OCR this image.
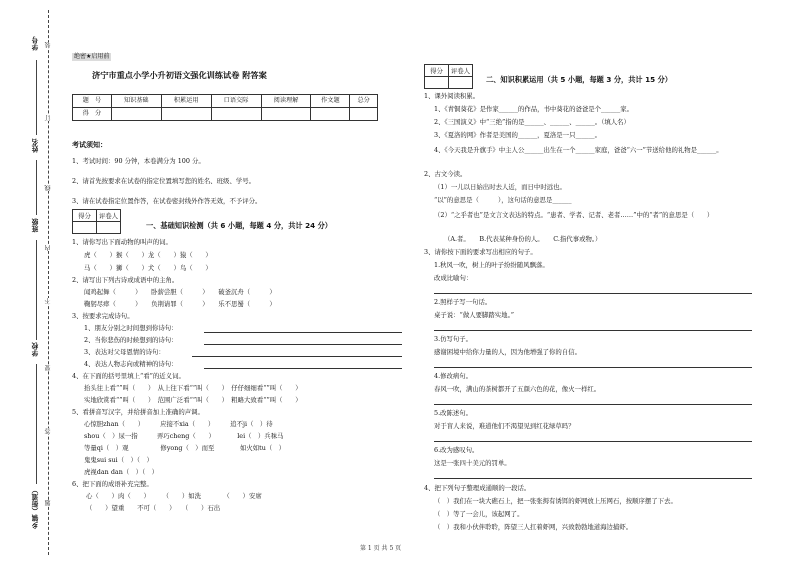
学号
姓名
班级
学校
乡镇（街道）
装
订
线
内
不
要
答
题
绝密★启用前
济宁市重点小学小升初语文强化训练试卷 附答案
题　号	知识基础	积累运用	口语交际	阅读理解	作文题	总分
得　分						
考试须知：
1、考试时间：90 分钟，本卷满分为 100 分。
2、请首先按要求在试卷的指定位置填写您的姓名、班级、学号。
3、请在试卷指定位置作答，在试卷密封线外作答无效，不予评分。
得分	评卷人

一、基础知识检测（共 6 小题，每题 4 分，共计 24 分）
1、请你写出下面动物的叫声的词。
虎（　　）猴（　　）龙（　　）猿（　　）
马（　　）狮（　　）犬（　　）鸟（　　）
2、请写出下列古诗或成语中的主角。
闻鸡起舞（　　　）　　卧薪尝胆（　　　）　　破釜沉舟（　　　）
鞠躬尽瘁（　　　）　　负荆请罪（　　　）　　乐不思蜀（　　　）
3、按要求完成诗句。
1、朋友分别之时间想到你诗句：
2、当你悲伤的时候想到的诗句：
3、表达对父母恩情的诗句：
4、表达人物志向或精神的诗句：
4、在下面的括号里填上“看”的近义词。
抬头往上看“”叫（　　）　从上往下看“”叫（　　）　仔仔细细看“”叫（　　）
实地欣赏看“”叫（　　）　范围广泛看“”叫（　　）　粗略大致看“”叫（　　）
5、看拼音写汉字，并给拼音加上准确的声调。
心惊胆zhan（　　）　　　应接不xia（　　）　　　追不ji（　）待
shou（　）尿一指　　　弄巧cheng（　　）　　　　lei（　）兵秣马
等量qi（　）观　　　　　修yong（　）而至　　　　如火如tu（　）
鬼鬼sui sui（　）（　）
虎视dan dan（　）（　）
6、把下面的成语补充完整。
心（　　）肉（　　）　　　（　　）如洗　　　　（　　）安席
（　　）望重　　不可（　　）　　（　　）石出
得分	评卷人

二、知识积累运用（共 5 小题，每题 3 分，共计 15 分）
1、课外阅读积累。
1、《青铜葵花》是作家______的作品，书中葵花的爸爸是个______家。
2、《三国演义》中“三绝”指的是______、______、______。（填人名）
3、《夏洛的网》作者是美国的______，夏洛是一只______。
4、《今天我是升旗手》中主人公______出生在一个______家庭，爸爸“六一”节送给他的礼物是______。
2、古文今读。
（1）一儿以日始出时去人近，而日中时远也。
“以”的意思是（　　　），这句话的意思是______
（2）“之乎者也”是文言文表达的特点。“患者、学者、记者、老者……”中的“者”的意思是（　　）
（A.者。　　B.代表某种身份的人。　　C.指代事或物。）
3、请你按下面的要求写出相应的句子。
1.秋风一吹，树上的叶子纷纷随风飘落。
改成比喻句：
2.照样子写一句话。
桌子说：“做人要脚踏实地。”
3.仿写句子。
感谢困境中给你力量的人，因为他增强了你的自信。
4.修改病句。
春风一吹，满山的茶树都开了五颜六色的花，像火一样红。
5.改陈述句。
对于盲人来说，难道他们不渴望见到红花绿草吗？
6.改为感叹句。
这是一张四十美元的罚单。
4、把下列句子整理成通顺的一段话。
（　）我们在一块大礁石上，把一张张拇有诱饵的虾网放上压网石，按顺序摆了下去。
（　）等了一会儿，该起网了。
（　）我和小伙伴聆聆，阵望三人扛着虾网，兴致勃勃地道海边捕虾。
第 1 页 共 5 页
